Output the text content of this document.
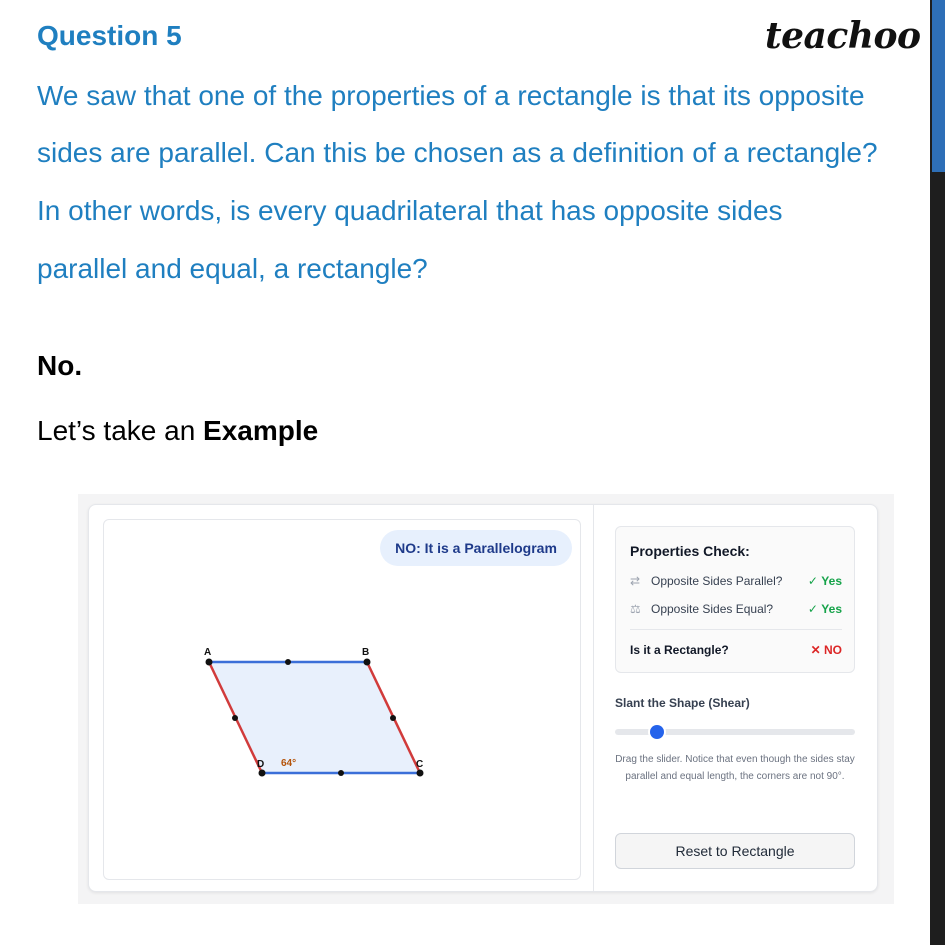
Question 5	teachoo
We saw that one of the properties of a rectangle is that its opposite
sides are parallel. Can this be chosen as a definition of a rectangle?
In other words, is every quadrilateral that has opposite sides
parallel and equal, a rectangle?
No.
Let’s take an Example
NO: It is a Parallelogram
A	B
C
D 64°
Properties Check:
⇄ Opposite Sides Parallel? ✓ Yes
⚖ Opposite Sides Equal?	✓ Yes
Is it a Rectangle?	✕ NO
Slant the Shape (Shear)
Drag the slider. Notice that even though the sides stay parallel and equal length, the corners are not 90°.
Reset to Rectangle
